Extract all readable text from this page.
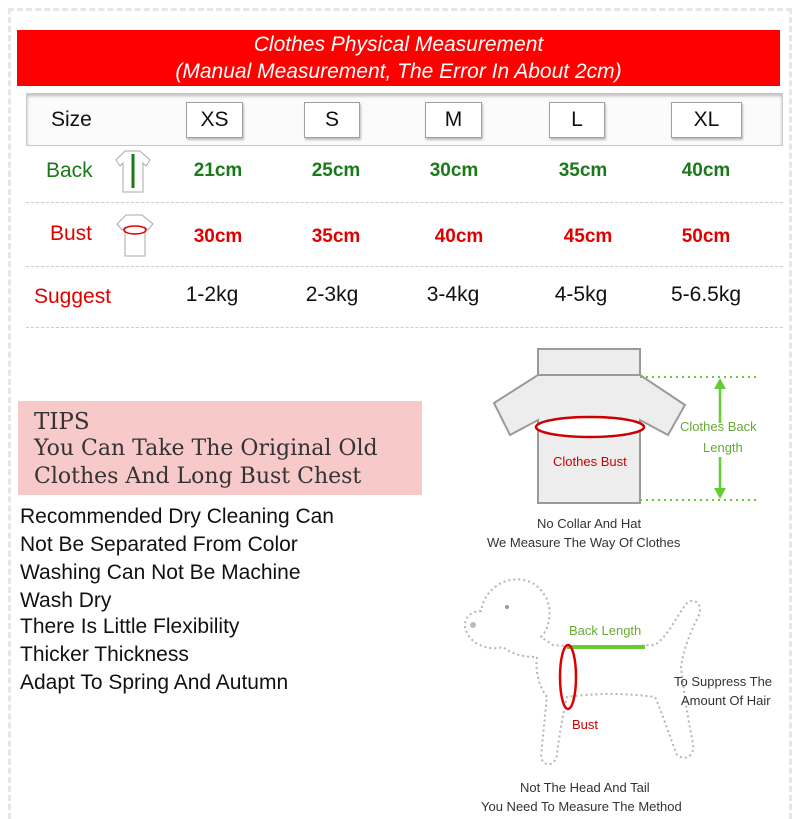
Clothes Physical Measurement
(Manual Measurement, The Error In About 2cm)
Size	XS	S	M	L	XL
Back	21cm	25cm	30cm	35cm	40cm
Bust	30cm	35cm	40cm	45cm	50cm
Suggest	1-2kg	2-3kg	3-4kg	4-5kg	5-6.5kg
TIPS
You Can Take The Original Old
Clothes And Long Bust Chest
Recommended Dry Cleaning Can
Not Be Separated From Color
Washing Can Not Be Machine
Wash Dry
There Is Little Flexibility
Thicker Thickness
Adapt To Spring And Autumn
Clothes Back
Length
Clothes Bust
No Collar And Hat
We Measure The Way Of Clothes
Back Length
Bust
To Suppress The
Amount Of Hair
Not The Head And Tail
You Need To Measure The Method
